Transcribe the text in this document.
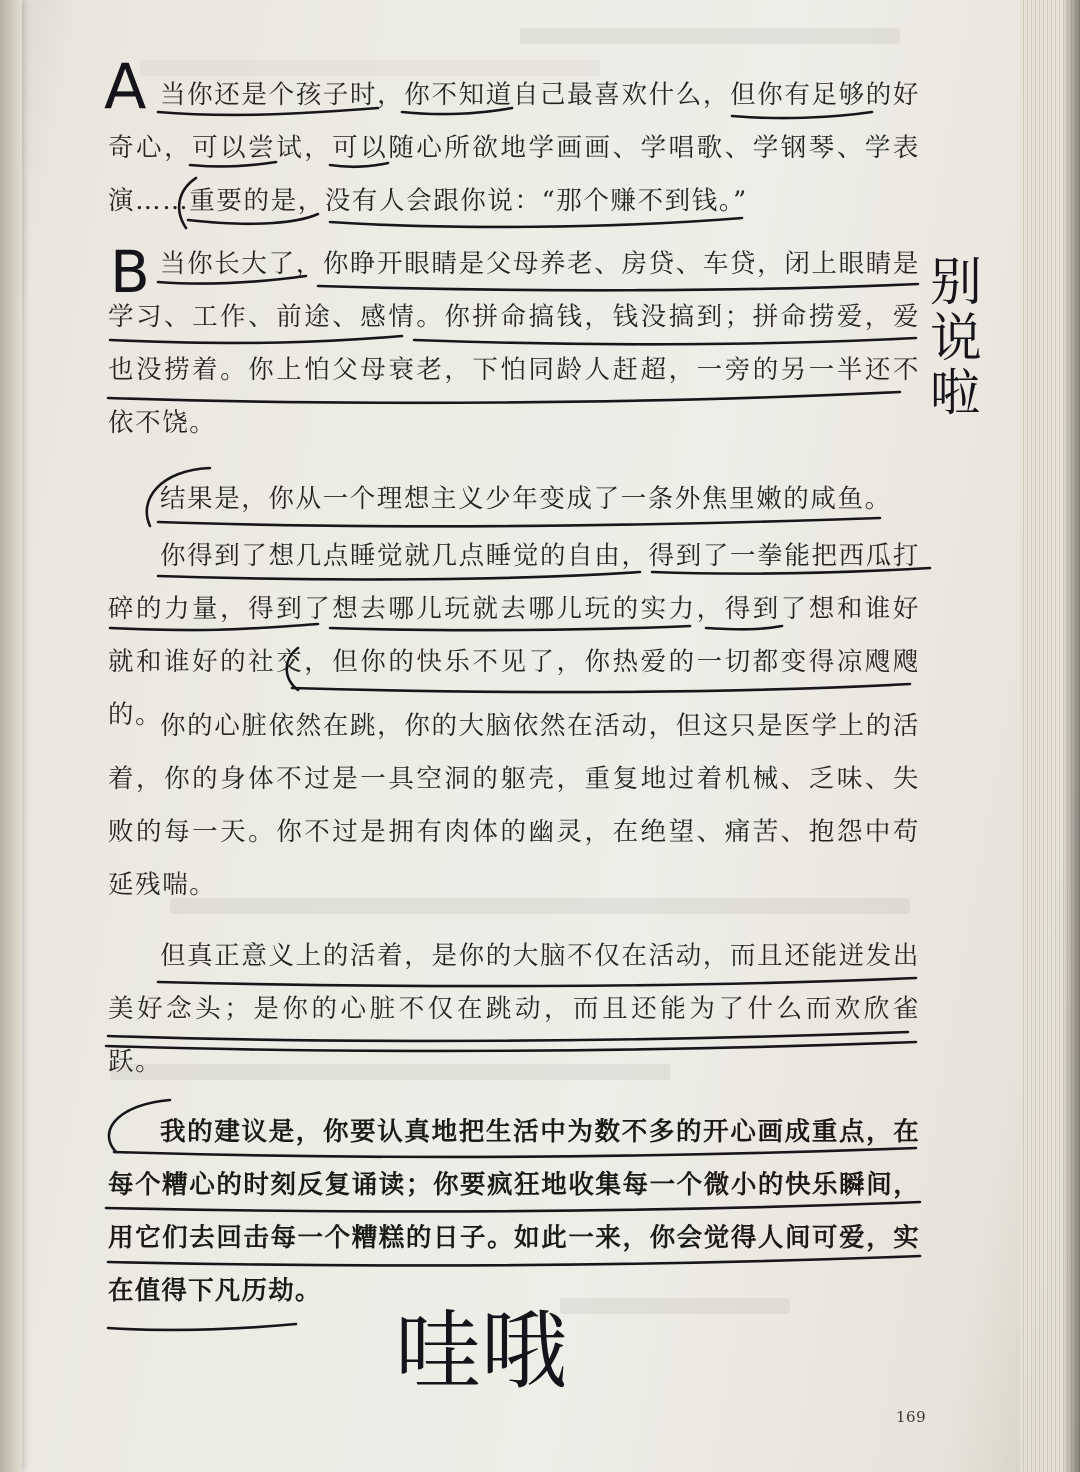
当你还是个孩子时，你不知道自己最喜欢什么，但你有足够的好奇心，可以尝试，可以随心所欲地学画画、学唱歌、学钢琴、学表演……重要的是，没有人会跟你说：“那个赚不到钱。”

当你长大了，你睁开眼睛是父母养老、房贷、车贷，闭上眼睛是学习、工作、前途、感情。你拼命搞钱，钱没搞到；拼命捞爱，爱也没捞着。你上怕父母衰老，下怕同龄人赶超，一旁的另一半还不依不饶。

结果是，你从一个理想主义少年变成了一条外焦里嫩的咸鱼。

你得到了想几点睡觉就几点睡觉的自由，得到了一拳能把西瓜打碎的力量，得到了想去哪儿玩就去哪儿玩的实力，得到了想和谁好就和谁好的社交，但你的快乐不见了，你热爱的一切都变得凉飕飕的。

你的心脏依然在跳，你的大脑依然在活动，但这只是医学上的活着，你的身体不过是一具空洞的躯壳，重复地过着机械、乏味、失败的每一天。你不过是拥有肉体的幽灵，在绝望、痛苦、抱怨中苟延残喘。

但真正意义上的活着，是你的大脑不仅在活动，而且还能迸发出美好念头；是你的心脏不仅在跳动，而且还能为了什么而欢欣雀跃。

我的建议是，你要认真地把生活中为数不多的开心画成重点，在每个糟心的时刻反复诵读；你要疯狂地收集每一个微小的快乐瞬间，用它们去回击每一个糟糕的日子。如此一来，你会觉得人间可爱，实在值得下凡历劫。

169
A
B	别
说
啦
哇哦
